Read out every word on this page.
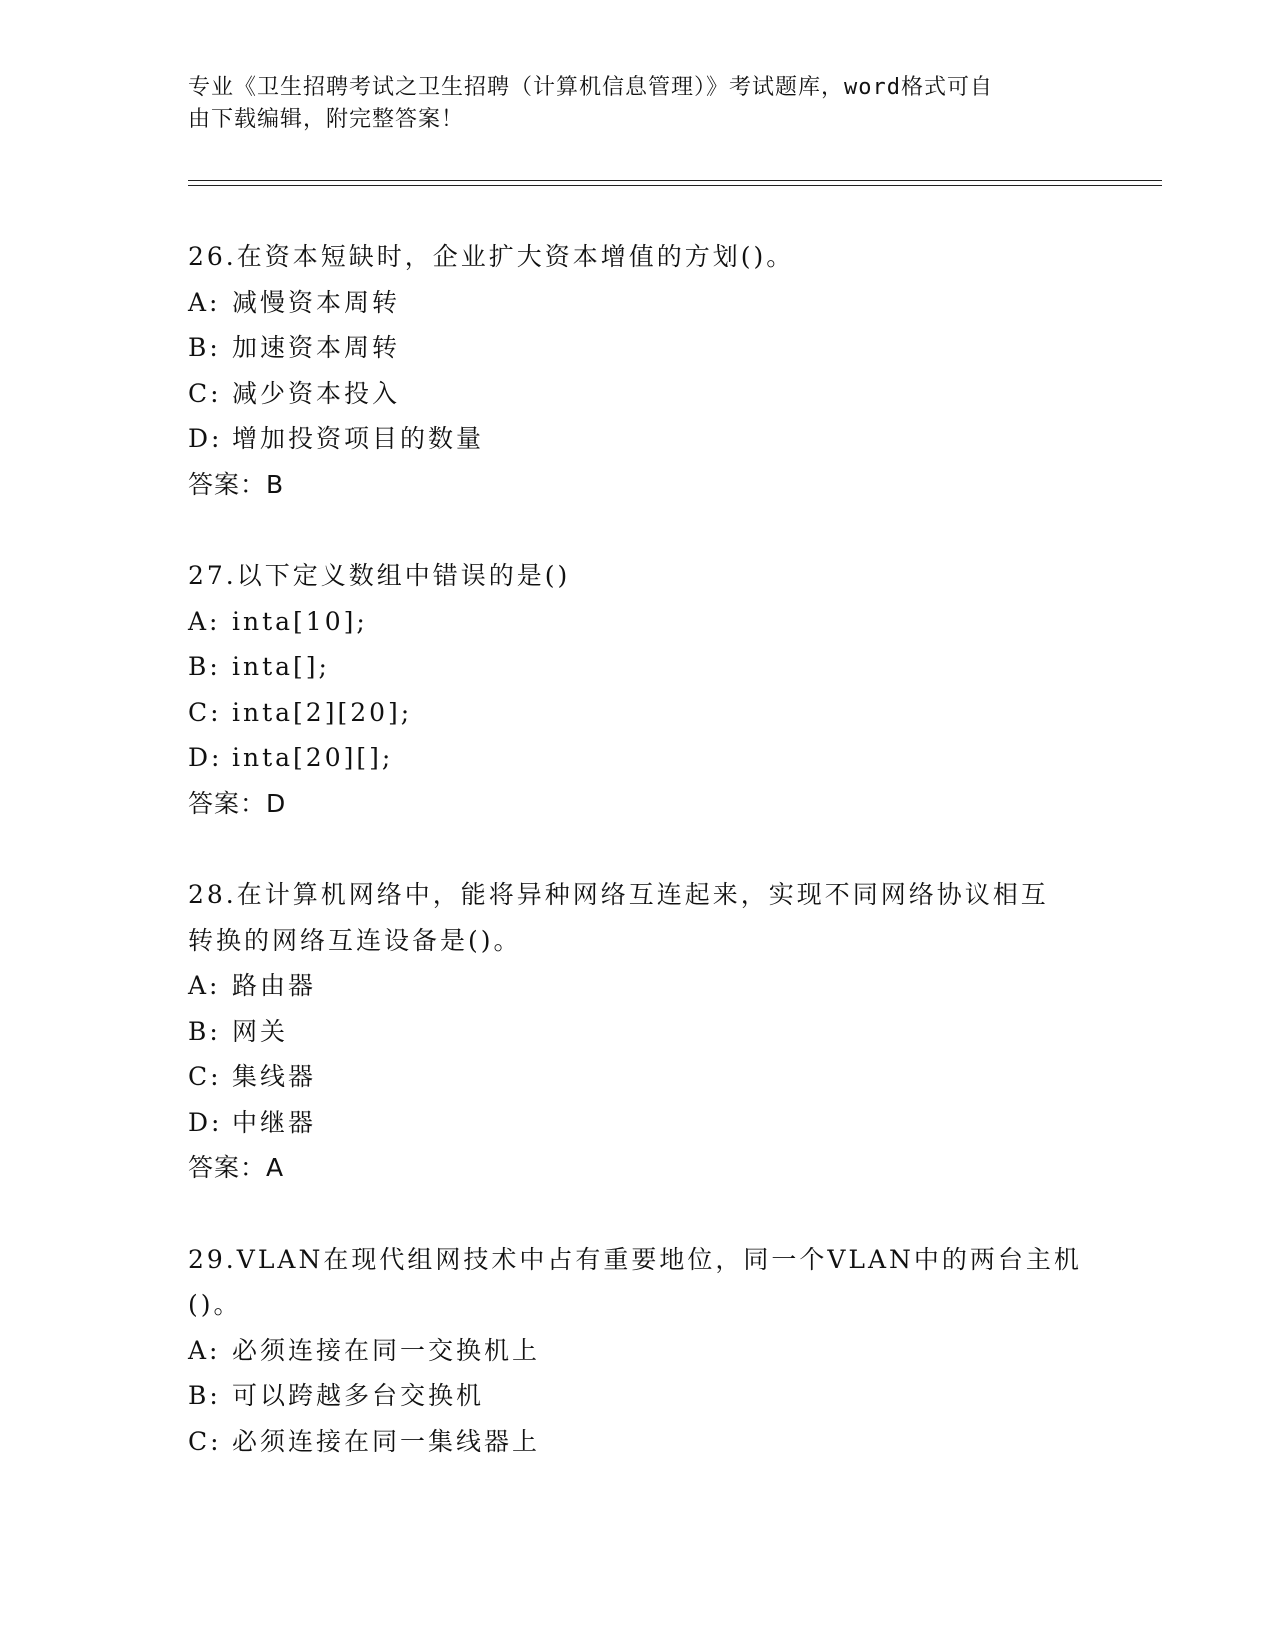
专业《卫生招聘考试之卫生招聘（计算机信息管理）》考试题库，word格式可自
由下载编辑，附完整答案！
26.在资本短缺时，企业扩大资本增值的方划()。
A: 减慢资本周转
B: 加速资本周转
C: 减少资本投入
D: 增加投资项目的数量
答案：B
27.以下定义数组中错误的是()
A: inta[10];
B: inta[];
C: inta[2][20];
D: inta[20][];
答案：D
28.在计算机网络中，能将异种网络互连起来，实现不同网络协议相互
转换的网络互连设备是()。
A: 路由器
B: 网关
C: 集线器
D: 中继器
答案：A
29.VLAN在现代组网技术中占有重要地位，同一个VLAN中的两台主机
()。
A: 必须连接在同一交换机上
B: 可以跨越多台交换机
C: 必须连接在同一集线器上
